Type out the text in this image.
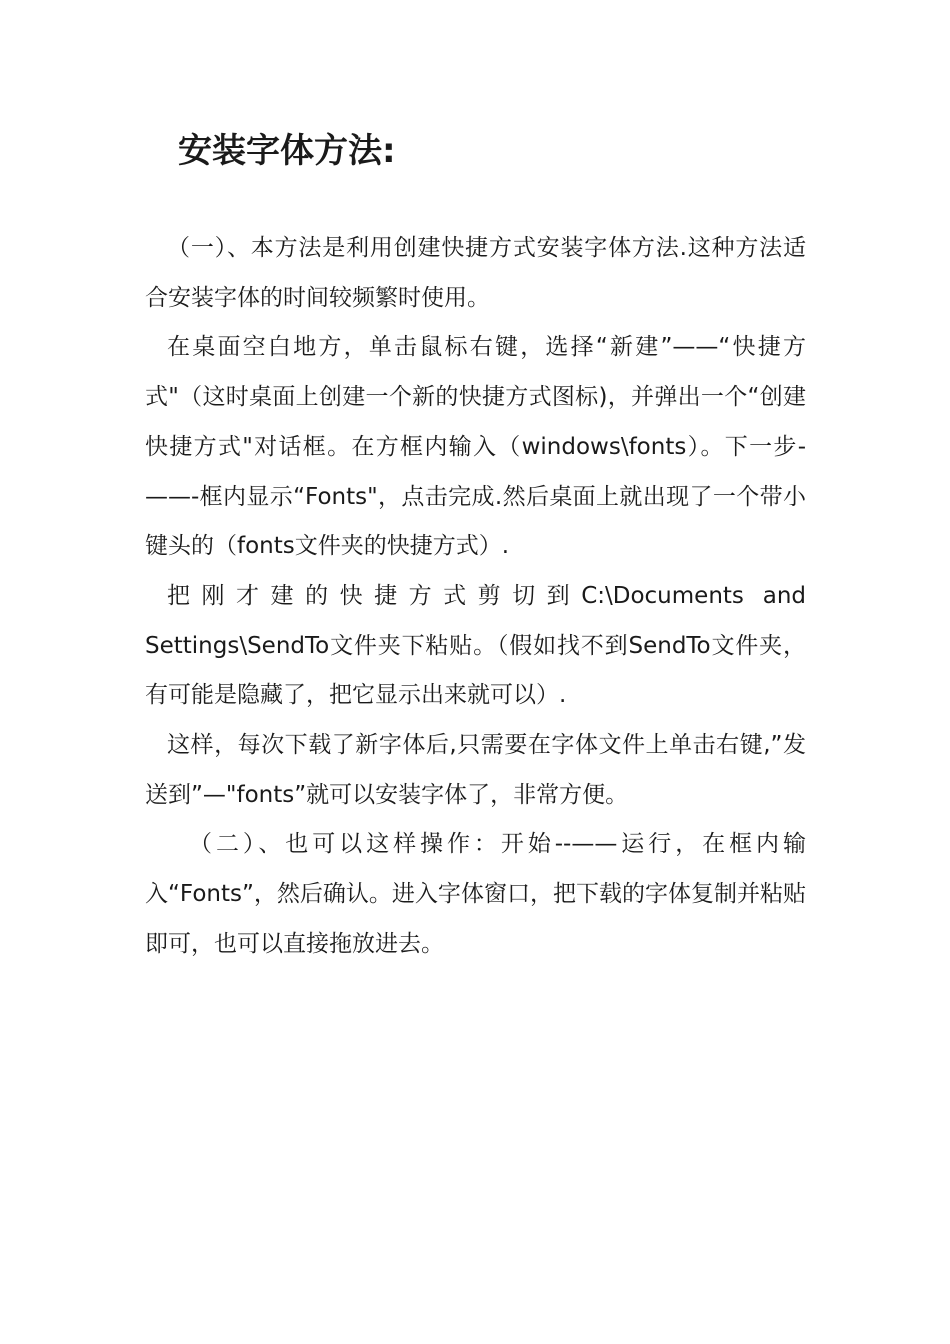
安装字体方法:

（一）、本方法是利用创建快捷方式安装字体方法.这种方法适合安装字体的时间较频繁时使用。

在桌面空白地方，单击鼠标右键，选择“新建”——“快捷方式"（这时桌面上创建一个新的快捷方式图标)，并弹出一个“创建快捷方式"对话框。在方框内输入（windows\fonts）。下一步-——-框内显示“Fonts"，点击完成.然后桌面上就出现了一个带小键头的（fonts文件夹的快捷方式）.

把刚才建的快捷方式剪切到C:\Documents and Settings\SendTo文件夹下粘贴。（假如找不到SendTo文件夹，有可能是隐藏了，把它显示出来就可以）.

这样，每次下载了新字体后,只需要在字体文件上单击右键,”发送到”—"fonts”就可以安装字体了，非常方便。

（二）、也可以这样操作：开始--——运行，在框内输入“Fonts”，然后确认。进入字体窗口，把下载的字体复制并粘贴即可，也可以直接拖放进去。
